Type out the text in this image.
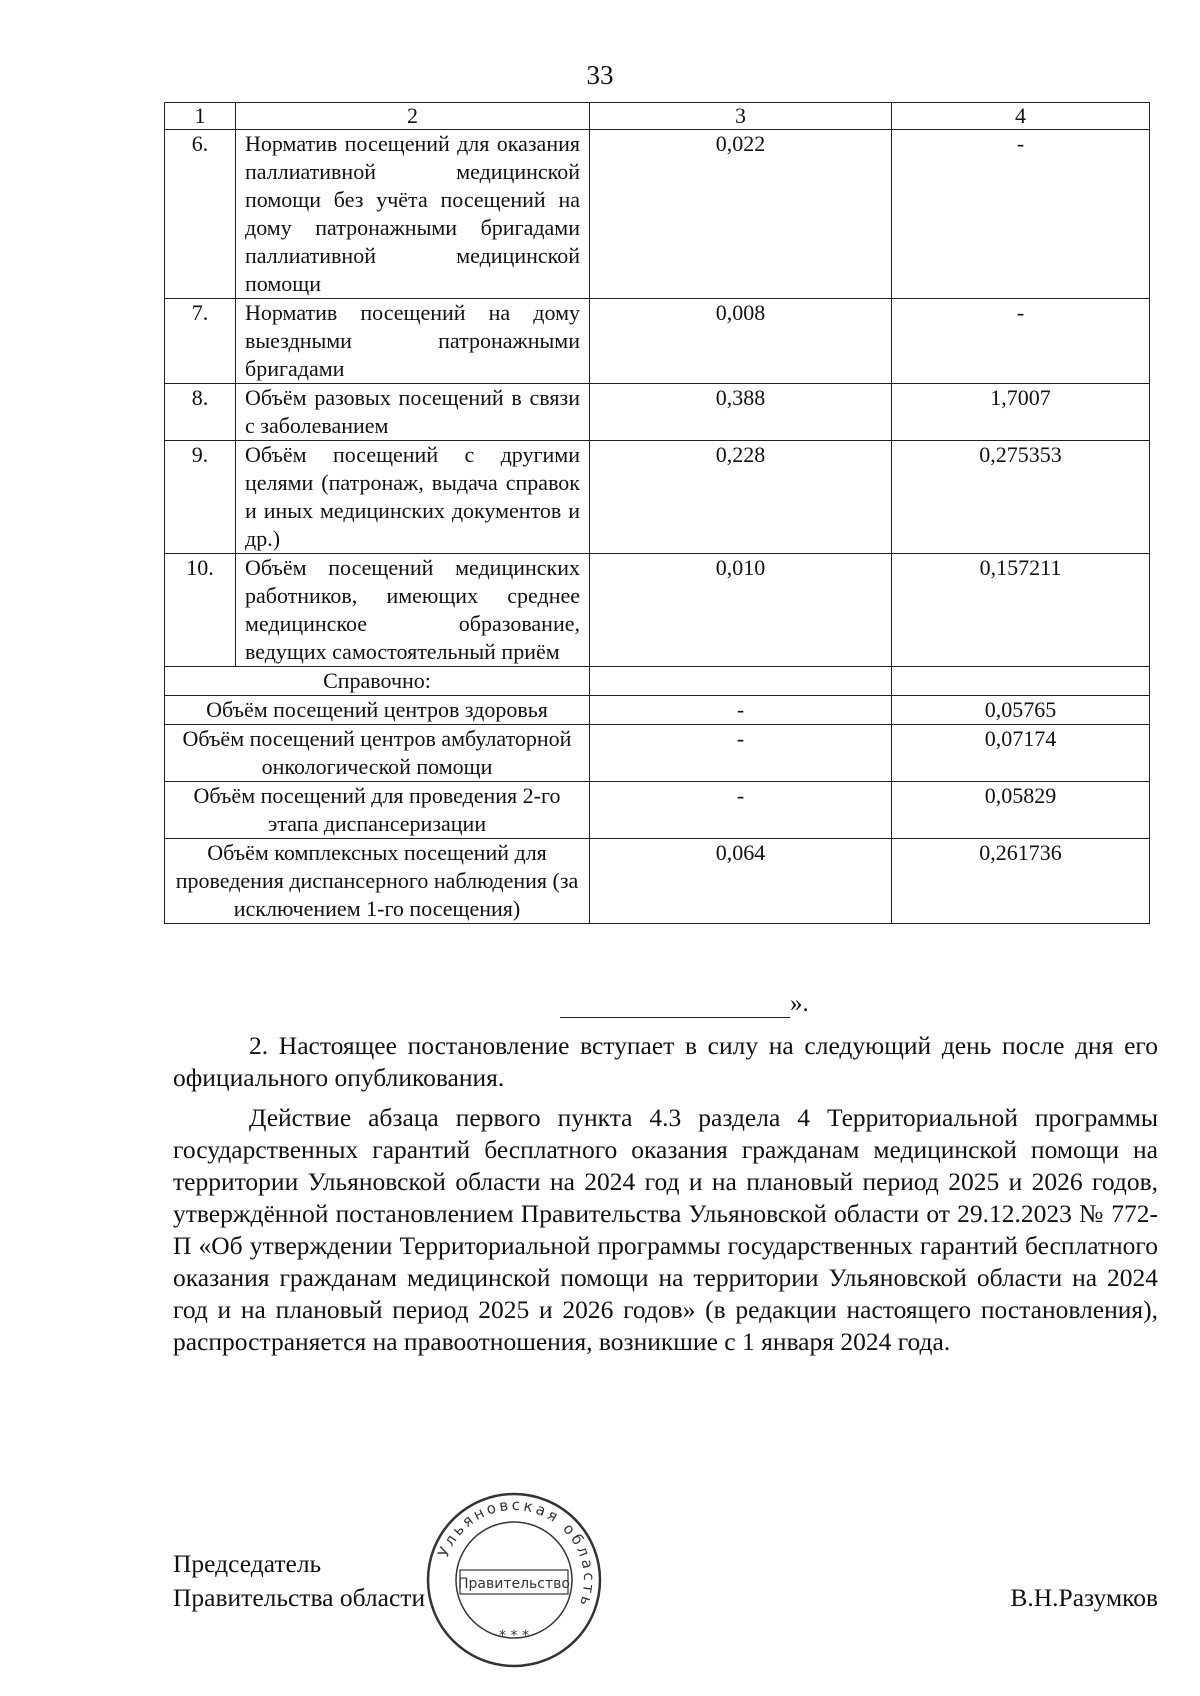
33
1	2	3	4
6.	Норматив посещений для оказания паллиативной медицинской помощи без учёта посещений на дому патронажными бригадами паллиативной медицинской помощи	0,022	-
7.	Норматив посещений на дому выездными патронажными бригадами	0,008	-
8.	Объём разовых посещений в связи с заболеванием	0,388	1,7007
9.	Объём посещений с другими целями (патронаж, выдача справок и иных медицинских документов и др.)	0,228	0,275353
10.	Объём посещений медицинских работников, имеющих среднее медицинское образование, ведущих самостоятельный приём	0,010	0,157211
Справочно:			
Объём посещений центров здоровья		-	0,05765
Объём посещений центров амбулаторной онкологической помощи		-	0,07174
Объём посещений для проведения 2-го этапа диспансеризации		-	0,05829
Объём комплексных посещений для проведения диспансерного наблюдения (за исключением 1-го посещения)		0,064	0,261736
».

2. Настоящее постановление вступает в силу на следующий день после дня его официального опубликования.

Действие абзаца первого пункта 4.3 раздела 4 Территориальной программы государственных гарантий бесплатного оказания гражданам медицинской помощи на территории Ульяновской области на 2024 год и на плановый период 2025 и 2026 годов, утверждённой постановлением Правительства Ульяновской области от 29.12.2023 № 772-П «Об утверждении Территориальной программы государственных гарантий бесплатного оказания гражданам медицинской помощи на территории Ульяновской области на 2024 год и на плановый период 2025 и 2026 годов» (в редакции настоящего постановления), распространяется на правоотношения, возникшие с 1 января 2024 года.

Председатель
Правительства области	В.Н.Разумков
Ульяновская область
Правительство
* * *
